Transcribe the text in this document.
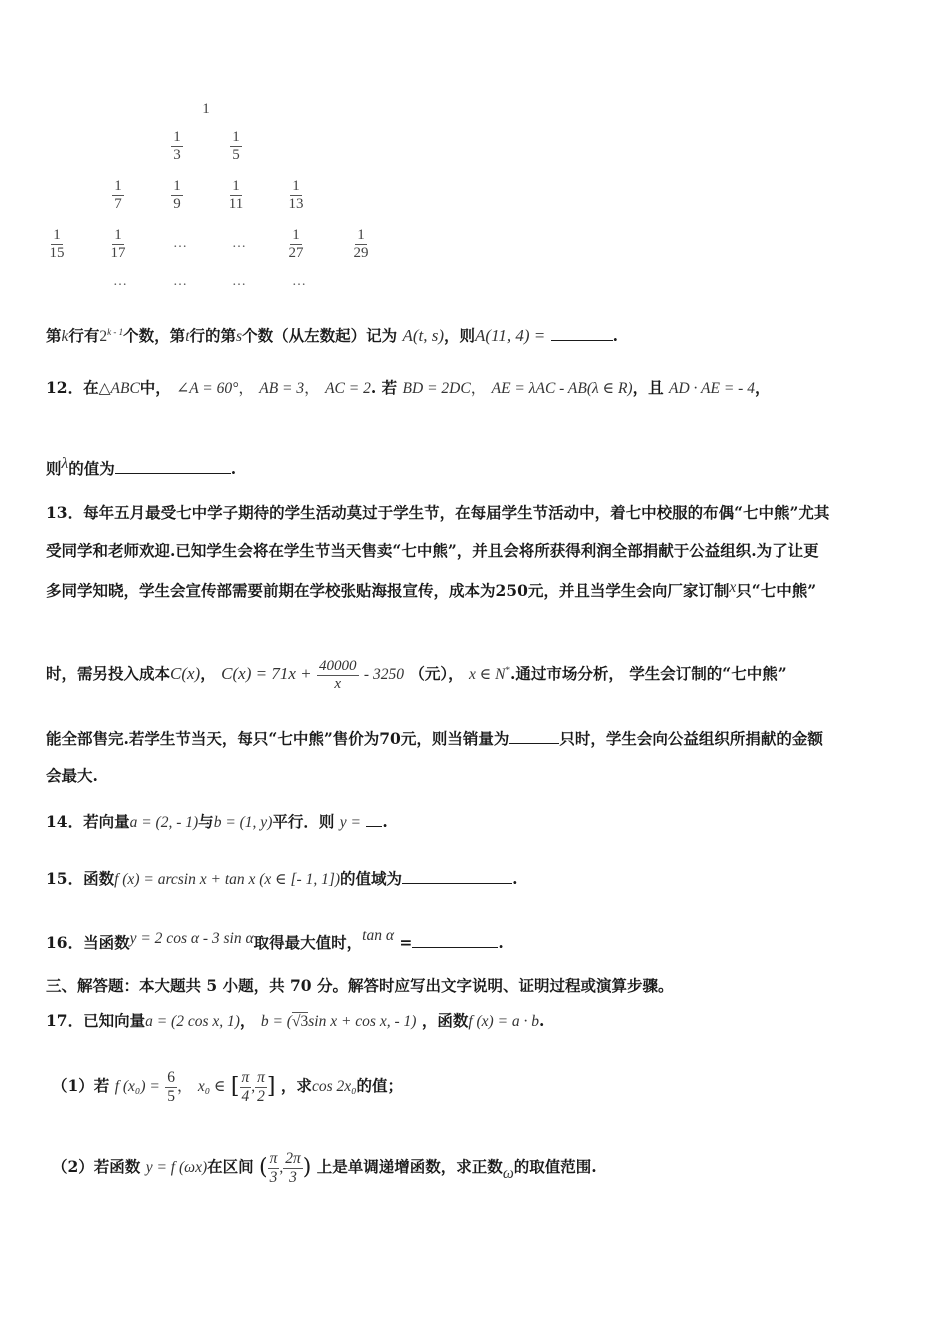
1
$\frac{1}{3}$	$\frac{1}{5}$
$\frac{1}{7}$	$\frac{1}{9}$	$\frac{1}{11}$	$\frac{1}{13}$
$\frac{1}{15}$	$\frac{1}{17}$	…	…	$\frac{1}{27}$	$\frac{1}{29}$
…	…	…	…
第k行有2$^{k - 1}$个数，第t行的第s个数（从左数起）记为 A(t, s)，则A(11, 4) =	.
12．在△ABC中， ∠A = 60°， AB = 3， AC = 2. 若 BD = 2DC， AE = λAC - AB(λ ∈ R)，且 AD · AE = - 4，
则λ的值为	.
13．每年五月最受七中学子期待的学生活动莫过于学生节，在每届学生节活动中，着七中校服的布偶“七中熊”尤其
受同学和老师欢迎.已知学生会将在学生节当天售卖“七中熊”，并且会将所获得利润全部捐献于公益组织.为了让更
多同学知晓，学生会宣传部需要前期在学校张贴海报宣传，成本为250元，并且当学生会向厂家订制x只“七中熊”
时，需另投入成本C(x)， $C(x) = 71x + \frac{40000}{x} - 3250$ （元）， x ∈ N*.通过市场分析， 学生会订制的“七中熊”
能全部售完.若学生节当天，每只“七中熊”售价为70元，则当销量为	只时，学生会向公益组织所捐献的金额
会最大.
14．若向量a = (2, - 1)与b = (1, y)平行．则 y = .
15．函数f (x) = arcsin x + tan x (x ∈ [- 1, 1])的值域为	.
16．当函数y = 2 cos α - 3 sin α取得最大值时，tan α =	.
三、解答题：本大题共 5 小题，共 70 分。解答时应写出文字说明、证明过程或演算步骤。
17．已知向量a = (2 cos x, 1)， b = (√3sin x + cos x, - 1) ，函数f (x) = a · b.
（1）若 f $(x_0) = \frac{6}{5}$ ， x₀ ∈ [ $\frac{\pi}{4}$ , $\frac{\pi}{2}$ ] ，求cos 2x₀的值；
（2）若函数 y = f (ωx)在区间 ( $\frac{\pi}{3}$ , $\frac{2\pi}{3}$ ) 上是单调递增函数，求正数ω的取值范围.
